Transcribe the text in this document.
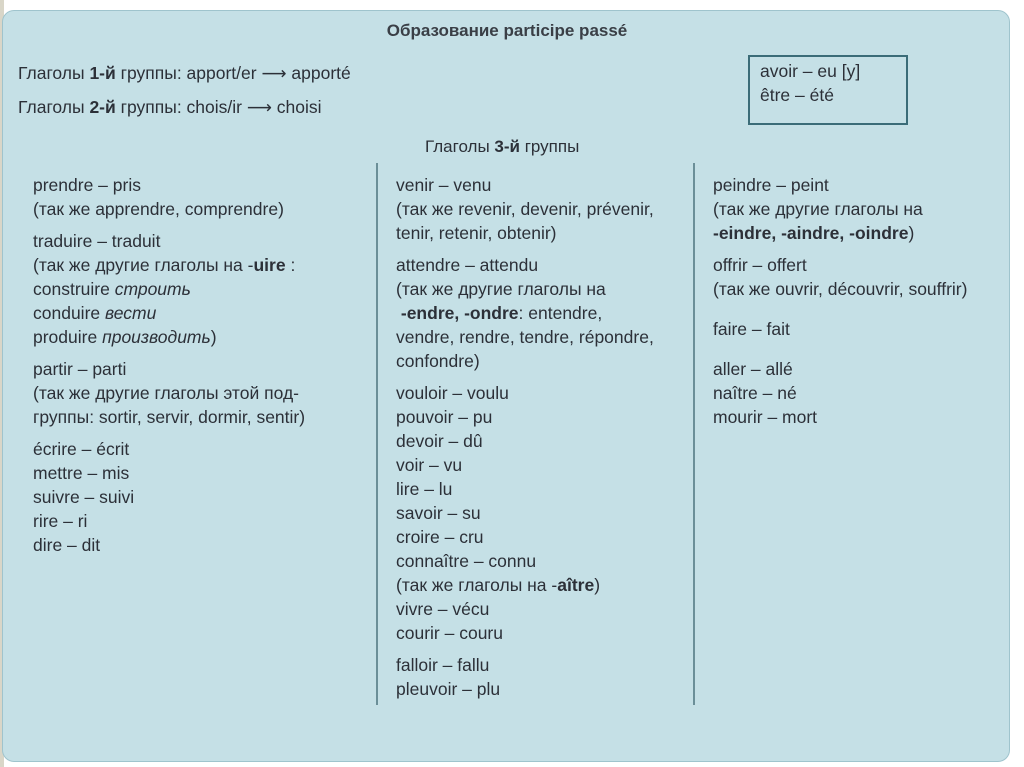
Образование participe passé
Глаголы 1-й группы: apport/er ⟶ apporté
Глаголы 2-й группы: chois/ir ⟶ choisi
avoir – eu [y]
être – été
Глаголы 3-й группы
prendre – pris
(так же apprendre, comprendre)
traduire – traduit
(так же другие глаголы на -uire :
construire строить
conduire вести
produire производить)
partir – parti
(так же другие глаголы этой под-
группы: sortir, servir, dormir, sentir)
écrire – écrit
mettre – mis
suivre – suivi
rire – ri
dire – dit
venir – venu
(так же revenir, devenir, prévenir,
tenir, retenir, obtenir)
attendre – attendu
(так же другие глаголы на
-endre, -ondre: entendre,
vendre, rendre, tendre, répondre,
confondre)
vouloir – voulu
pouvoir – pu
devoir – dû
voir – vu
lire – lu
savoir – su
croire – cru
connaître – connu
(так же глаголы на -aître)
vivre – vécu
courir – couru
falloir – fallu
pleuvoir – plu
peindre – peint
(так же другие глаголы на
-eindre, -aindre, -oindre)
offrir – offert
(так же ouvrir, découvrir, souffrir)
faire – fait
aller – allé
naître – né
mourir – mort
